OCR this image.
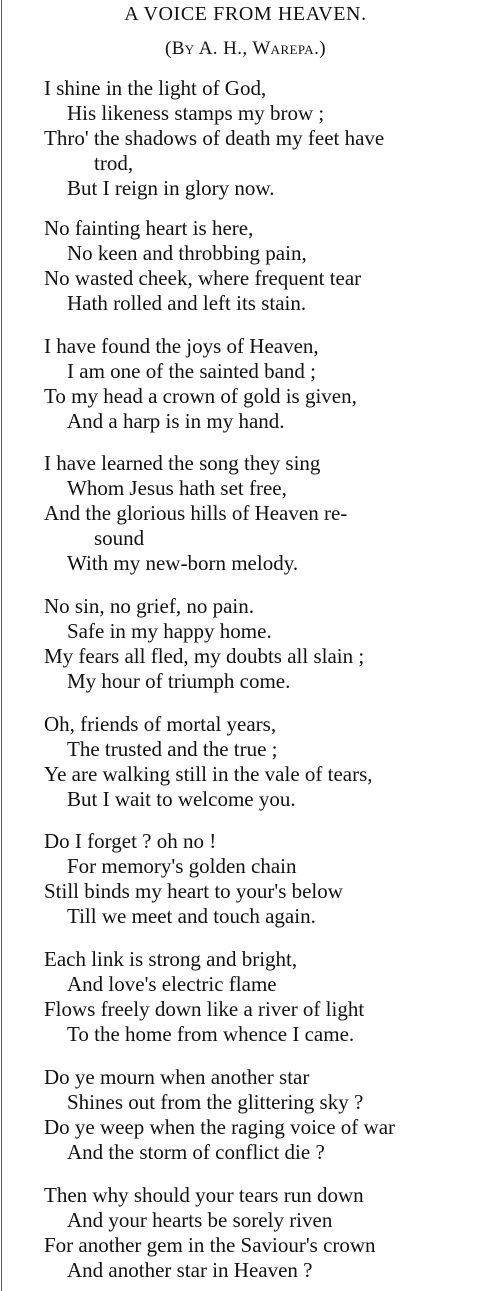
A VOICE FROM HEAVEN.
(By A. H., Warepa.)
I shine in the light of God,
His likeness stamps my brow ;
Thro' the shadows of death my feet have
trod,
But I reign in glory now.
No fainting heart is here,
No keen and throbbing pain,
No wasted cheek, where frequent tear
Hath rolled and left its stain.
I have found the joys of Heaven,
I am one of the sainted band ;
To my head a crown of gold is given,
And a harp is in my hand.
I have learned the song they sing
Whom Jesus hath set free,
And the glorious hills of Heaven re-
sound
With my new-born melody.
No sin, no grief, no pain.
Safe in my happy home.
My fears all fled, my doubts all slain ;
My hour of triumph come.
Oh, friends of mortal years,
The trusted and the true ;
Ye are walking still in the vale of tears,
But I wait to welcome you.
Do I forget ? oh no !
For memory's golden chain
Still binds my heart to your's below
Till we meet and touch again.
Each link is strong and bright,
And love's electric flame
Flows freely down like a river of light
To the home from whence I came.
Do ye mourn when another star
Shines out from the glittering sky ?
Do ye weep when the raging voice of war
And the storm of conflict die ?
Then why should your tears run down
And your hearts be sorely riven
For another gem in the Saviour's crown
And another star in Heaven ?
